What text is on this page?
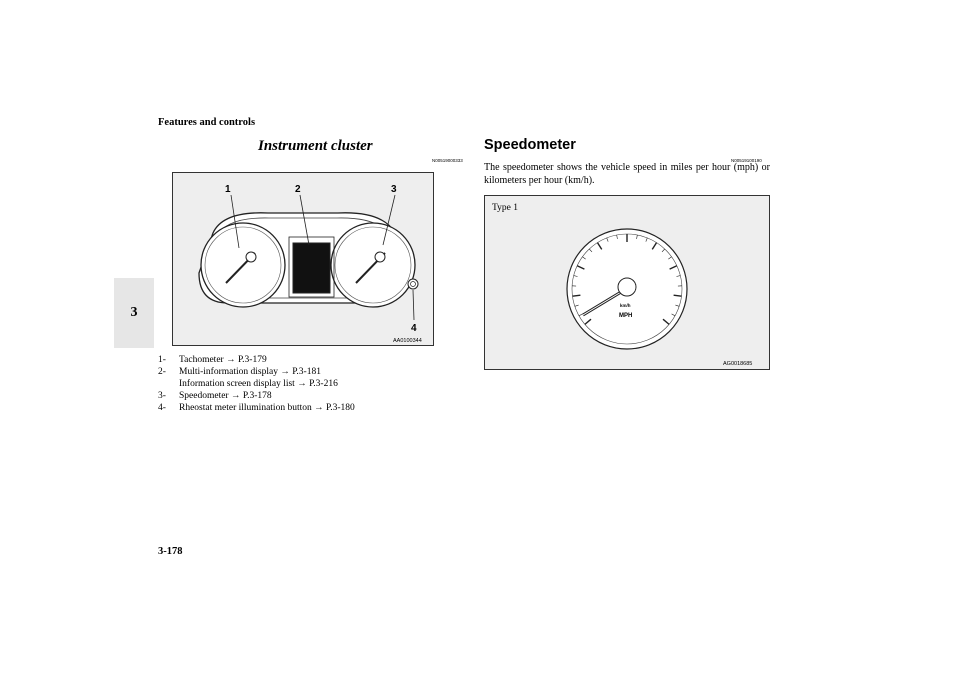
Features and controls
3
3-178
Instrument cluster
N00519000333
1	2	3
4
AA0100344
1-	Tachometer → P.3-179
2-	Multi-information display → P.3-181
Information screen display list → P.3-216
3-	Speedometer → P.3-178
4-	Rheostat meter illumination button → P.3-180
Speedometer
N00519100190
The speedometer shows the vehicle speed in miles per hour (mph) or kilometers per hour (km/h).
Type 1
km/h
MPH
AG0018685
